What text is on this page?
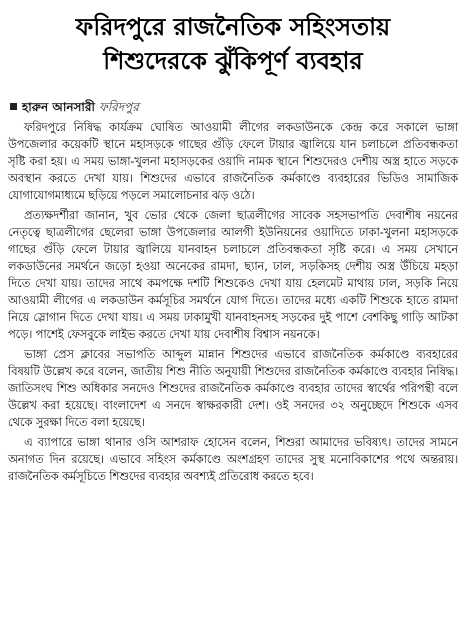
ফরিদপুরে রাজনৈতিক সহিংসতায়
শিশুদেরকে ঝুঁকিপূর্ণ ব্যবহার
হারুন আনসারী ফরিদপুর

ফরিদপুরে নিষিদ্ধ কার্যক্রম ঘোষিত আওয়ামী লীগের লকডাউনকে কেন্দ্র করে সকালে ভাঙ্গা উপজেলার কয়েকটি স্থানে মহাসড়কে গাছের গুঁড়ি ফেলে টায়ার জ্বালিয়ে যান চলাচলে প্রতিবন্ধকতা সৃষ্টি করা হয়। এ সময় ভাঙ্গা-খুলনা মহাসড়কের ওয়াদি নামক স্থানে শিশুদেরও দেশীয় অস্ত্র হাতে সড়কে অবস্থান করতে দেখা যায়। শিশুদের এভাবে রাজনৈতিক কর্মকাণ্ডে ব্যবহারের ভিডিও সামাজিক যোগাযোগমাধ্যমে ছড়িয়ে পড়লে সমালোচনার ঝড় ওঠে।

প্রত্যক্ষদর্শীরা জানান, খুব ভোর থেকে জেলা ছাত্রলীগের সাবেক সহসভাপতি দেবাশীষ নয়নের নেতৃত্বে ছাত্রলীগের ছেলেরা ভাঙ্গা উপজেলার আলগী ইউনিয়নের ওয়াদিতে ঢাকা-খুলনা মহাসড়কে গাছের গুঁড়ি ফেলে টায়ার জ্বালিয়ে যানবাহন চলাচলে প্রতিবন্ধকতা সৃষ্টি করে। এ সময় সেখানে লকডাউনের সমর্থনে জড়ো হওয়া অনেকের রামদা, ছ্যান, ঢাল, সড়কিসহ দেশীয় অস্ত্র উঁচিয়ে মহড়া দিতে দেখা যায়। তাদের সাথে কমপক্ষে দশটি শিশুকেও দেখা যায় হেলমেট মাথায় ঢাল, সড়কি নিয়ে আওয়ামী লীগের এ লকডাউন কর্মসূচির সমর্থনে যোগ দিতে। তাদের মধ্যে একটি শিশুকে হাতে রামদা নিয়ে স্লোগান দিতে দেখা যায়। এ সময় ঢাকামুখী যানবাহনসহ সড়কের দুই পাশে বেশকিছু গাড়ি আটকা পড়ে। পাশেই ফেসবুকে লাইভ করতে দেখা যায় দেবাশীষ বিশ্বাস নয়নকে।

ভাঙ্গা প্রেস ক্লাবের সভাপতি আব্দুল মান্নান শিশুদের এভাবে রাজনৈতিক কর্মকাণ্ডে ব্যবহারের বিষয়টি উল্লেখ করে বলেন, জাতীয় শিশু নীতি অনুযায়ী শিশুদের রাজনৈতিক কর্মকাণ্ডে ব্যবহার নিষিদ্ধ। জাতিসংঘ শিশু অধিকার সনদেও শিশুদের রাজনৈতিক কর্মকাণ্ডে ব্যবহার তাদের স্বার্থের পরিপন্থী বলে উল্লেখ করা হয়েছে। বাংলাদেশ এ সনদে স্বাক্ষরকারী দেশ। ওই সনদের ৩২ অনুচ্ছেদে শিশুকে এসব থেকে সুরক্ষা দিতে বলা হয়েছে।

এ ব্যাপারে ভাঙ্গা থানার ওসি আশরাফ হোসেন বলেন, শিশুরা আমাদের ভবিষ্যৎ। তাদের সামনে অনাগত দিন রয়েছে। এভাবে সহিংস কর্মকাণ্ডে অংশগ্রহণ তাদের সুস্থ মনোবিকাশের পথে অন্তরায়। রাজনৈতিক কর্মসূচিতে শিশুদের ব্যবহার অবশ্যই প্রতিরোধ করতে হবে।
